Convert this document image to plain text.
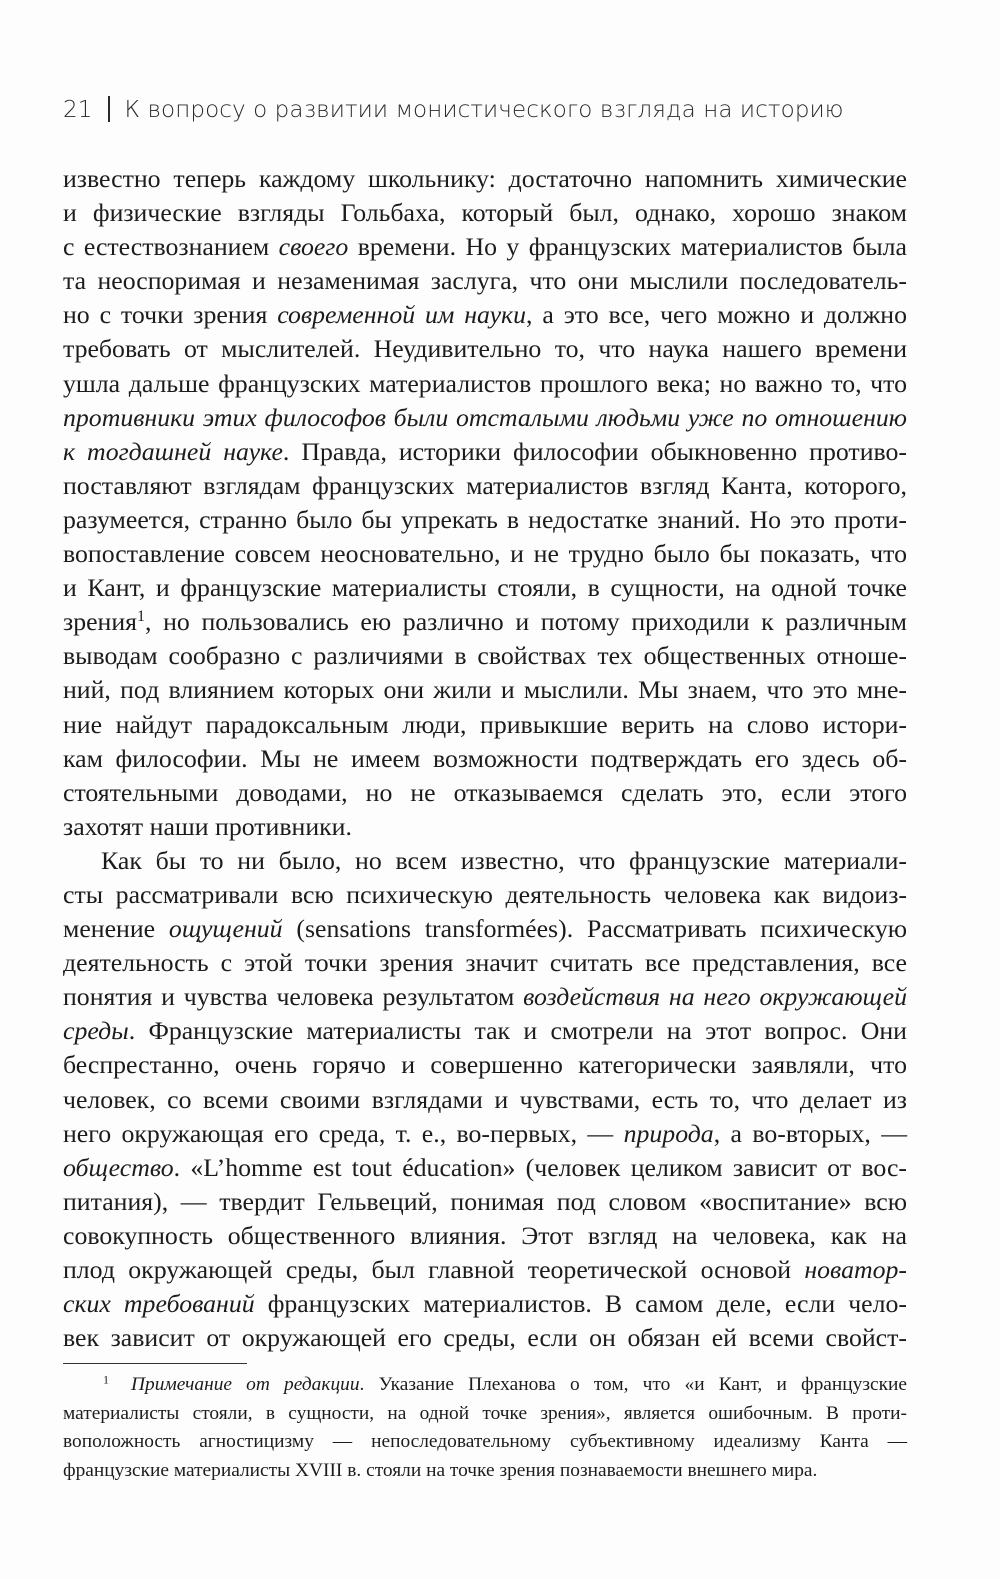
21 К вопросу о развитии монистического взгляда на историю
известно теперь каждому школьнику: достаточно напомнить химические
и физические взгляды Гольбаха, который был, однако, хорошо знаком
с естествознанием своего времени. Но у французских материалистов была
та неоспоримая и незаменимая заслуга, что они мыслили последователь-
но с точки зрения современной им науки, а это все, чего можно и должно
требовать от мыслителей. Неудивительно то, что наука нашего времени
ушла дальше французских материалистов прошлого века; но важно то, что
противники этих философов были отсталыми людьми уже по отношению
к тогдашней науке. Правда, историки философии обыкновенно противо-
поставляют взглядам французских материалистов взгляд Канта, которого,
разумеется, странно было бы упрекать в недостатке знаний. Но это проти-
вопоставление совсем неосновательно, и не трудно было бы показать, что
и Кант, и французские материалисты стояли, в сущности, на одной точке
зрения$^1$, но пользовались ею различно и потому приходили к различным
выводам сообразно с различиями в свойствах тех общественных отноше-
ний, под влиянием которых они жили и мыслили. Мы знаем, что это мне-
ние найдут парадоксальным люди, привыкшие верить на слово истори-
кам философии. Мы не имеем возможности подтверждать его здесь об-
стоятельными доводами, но не отказываемся сделать это, если этого
захотят наши противники.
Как бы то ни было, но всем известно, что французские материали-
сты рассматривали всю психическую деятельность человека как видоиз-
менение ощущений (sensations transformées). Рассматривать психическую
деятельность с этой точки зрения значит считать все представления, все
понятия и чувства человека результатом воздействия на него окружающей
среды. Французские материалисты так и смотрели на этот вопрос. Они
беспрестанно, очень горячо и совершенно категорически заявляли, что
человек, со всеми своими взглядами и чувствами, есть то, что делает из
него окружающая его среда, т. е., во-первых, — природа, а во-вторых, —
общество. «L’homme est tout éducation» (человек целиком зависит от вос-
питания), — твердит Гельвеций, понимая под словом «воспитание» всю
совокупность общественного влияния. Этот взгляд на человека, как на
плод окружающей среды, был главной теоретической основой новатор-
ских требований французских материалистов. В самом деле, если чело-
век зависит от окружающей его среды, если он обязан ей всеми свойст-
$^1$ Примечание от редакции. Указание Плеханова о том, что «и Кант, и французские
материалисты стояли, в сущности, на одной точке зрения», является ошибочным. В проти-
воположность агностицизму — непоследовательному субъективному идеализму Канта —
французские материалисты XVIII в. стояли на точке зрения познаваемости внешнего мира.
